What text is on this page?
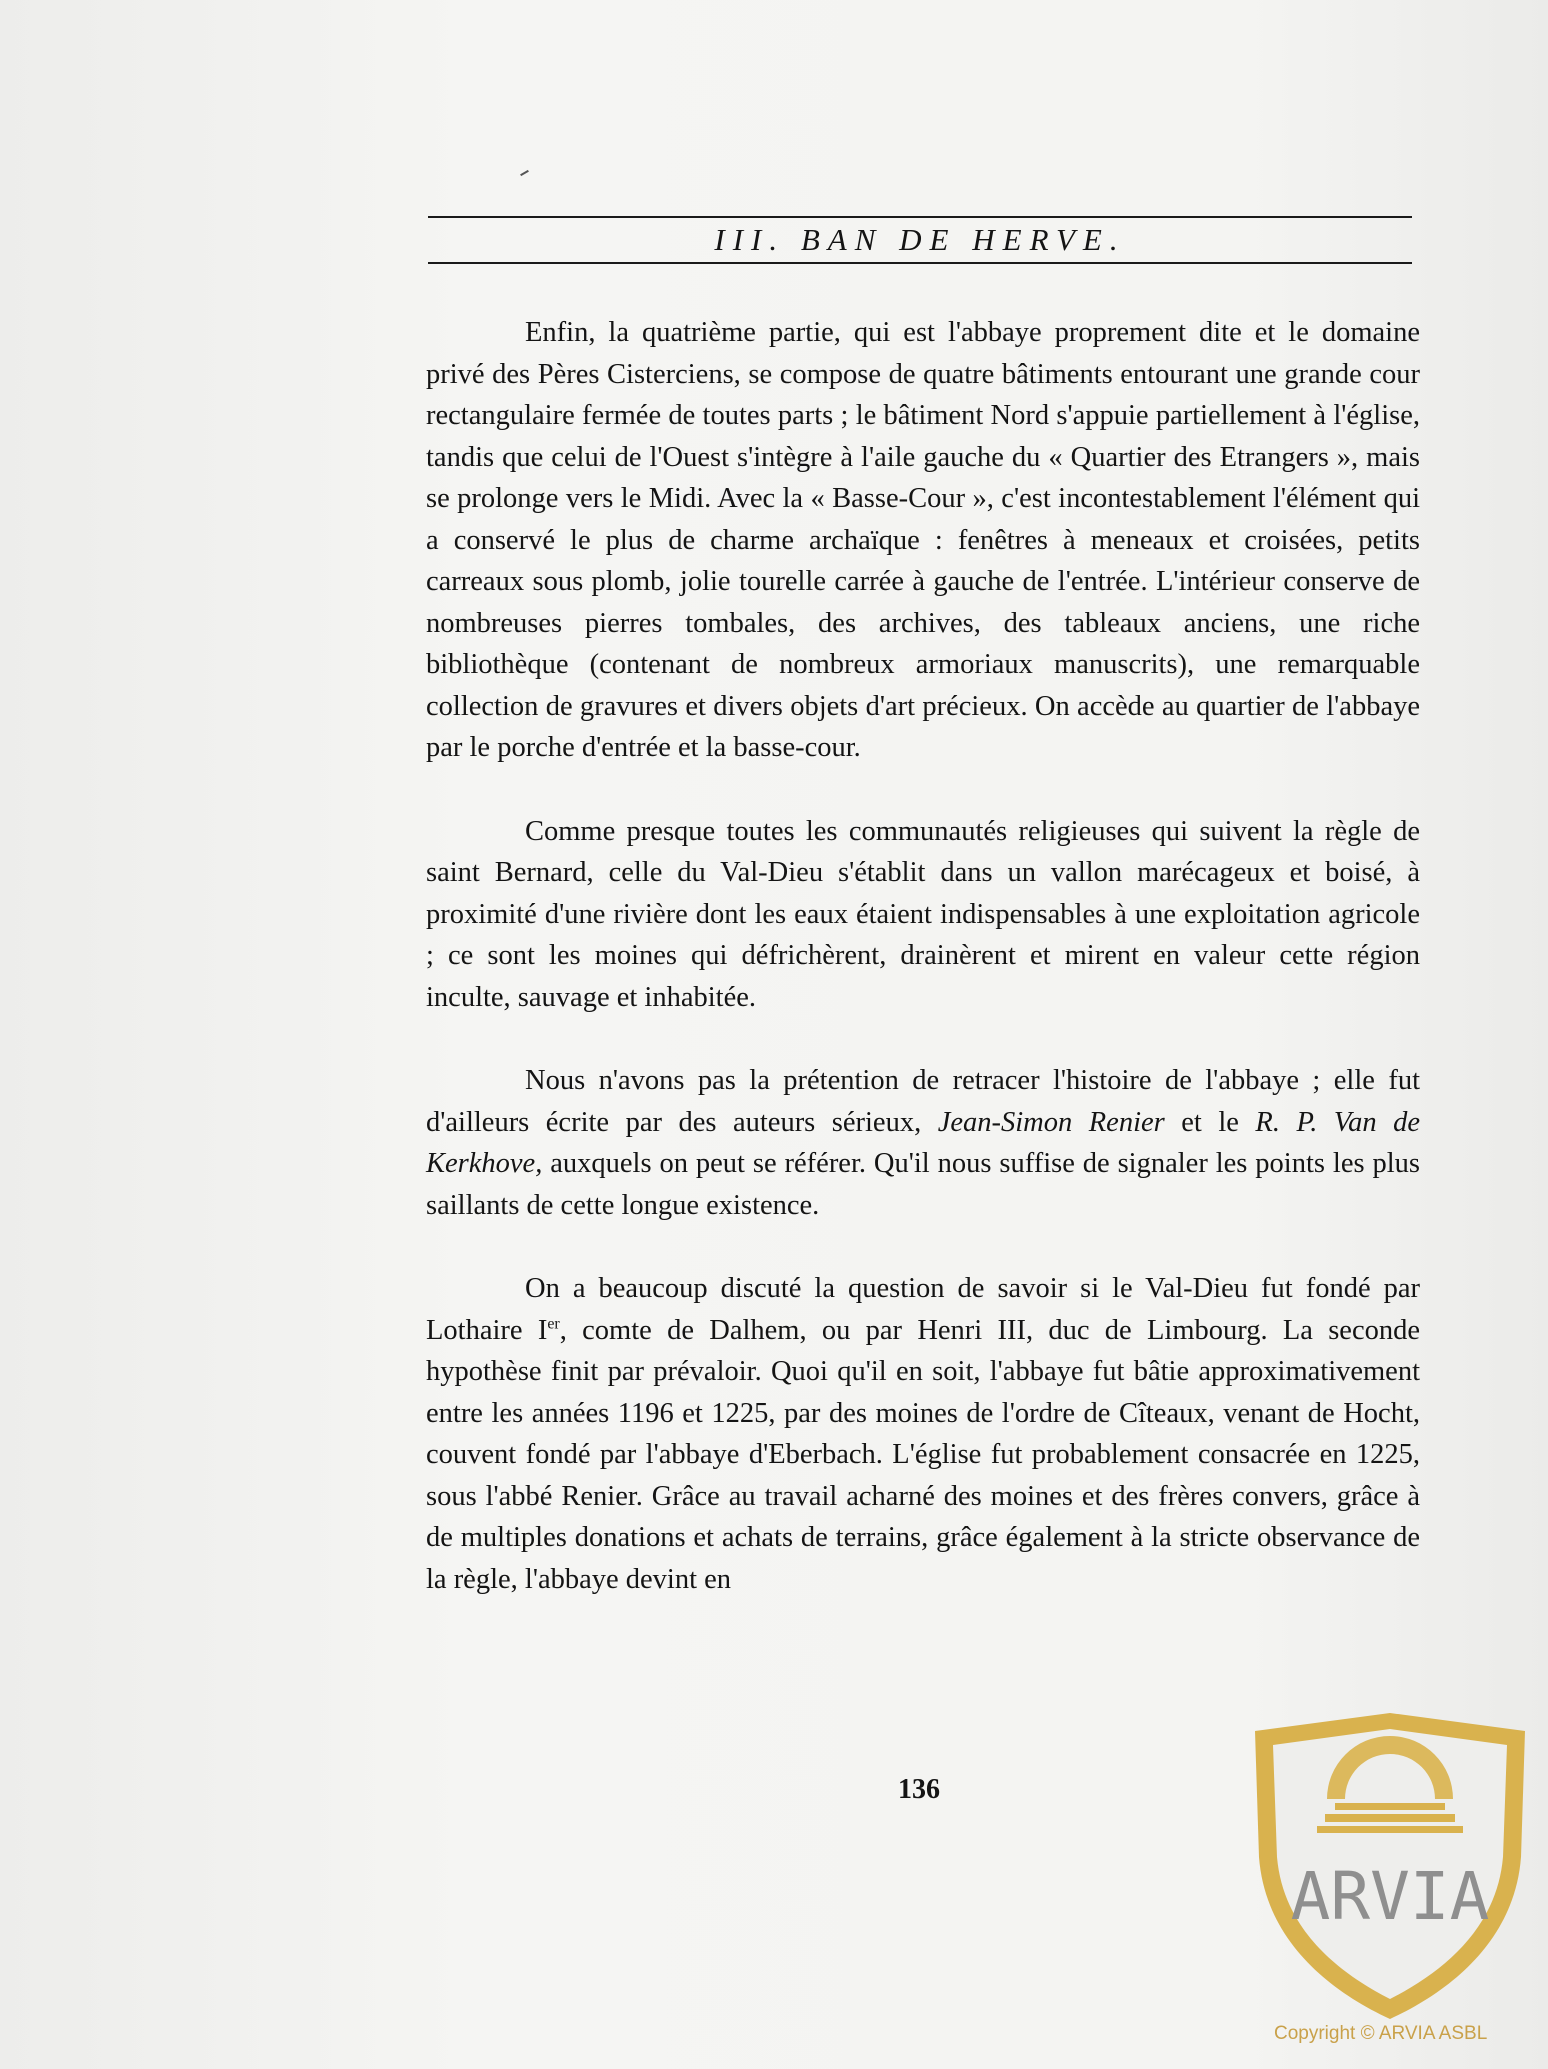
III. BAN DE HERVE.

Enfin, la quatrième partie, qui est l'abbaye proprement dite et le domaine privé des Pères Cisterciens, se compose de quatre bâtiments entourant une grande cour rectangulaire fermée de toutes parts ; le bâtiment Nord s'appuie partiellement à l'église, tandis que celui de l'Ouest s'intègre à l'aile gauche du « Quartier des Etrangers », mais se prolonge vers le Midi. Avec la « Basse-Cour », c'est incontestablement l'élément qui a conservé le plus de charme archaïque : fenêtres à meneaux et croisées, petits carreaux sous plomb, jolie tourelle carrée à gauche de l'entrée. L'intérieur conserve de nombreuses pierres tombales, des archives, des tableaux anciens, une riche bibliothèque (contenant de nombreux armoriaux manuscrits), une remarquable collection de gravures et divers objets d'art précieux. On accède au quartier de l'abbaye par le porche d'entrée et la basse-cour.

Comme presque toutes les communautés religieuses qui suivent la règle de saint Bernard, celle du Val-Dieu s'établit dans un vallon marécageux et boisé, à proximité d'une rivière dont les eaux étaient indispensables à une exploitation agricole ; ce sont les moines qui défrichèrent, drainèrent et mirent en valeur cette région inculte, sauvage et inhabitée.

Nous n'avons pas la prétention de retracer l'histoire de l'abbaye ; elle fut d'ailleurs écrite par des auteurs sérieux, Jean-Simon Renier et le R. P. Van de Kerkhove, auxquels on peut se référer. Qu'il nous suffise de signaler les points les plus saillants de cette longue existence.

On a beaucoup discuté la question de savoir si le Val-Dieu fut fondé par Lothaire Ier, comte de Dalhem, ou par Henri III, duc de Limbourg. La seconde hypothèse finit par prévaloir. Quoi qu'il en soit, l'abbaye fut bâtie approximativement entre les années 1196 et 1225, par des moines de l'ordre de Cîteaux, venant de Hocht, couvent fondé par l'abbaye d'Eberbach. L'église fut probablement consacrée en 1225, sous l'abbé Renier. Grâce au travail acharné des moines et des frères convers, grâce à de multiples donations et achats de terrains, grâce également à la stricte observance de la règle, l'abbaye devint en

136
ARVIA
Copyright © ARVIA ASBL
